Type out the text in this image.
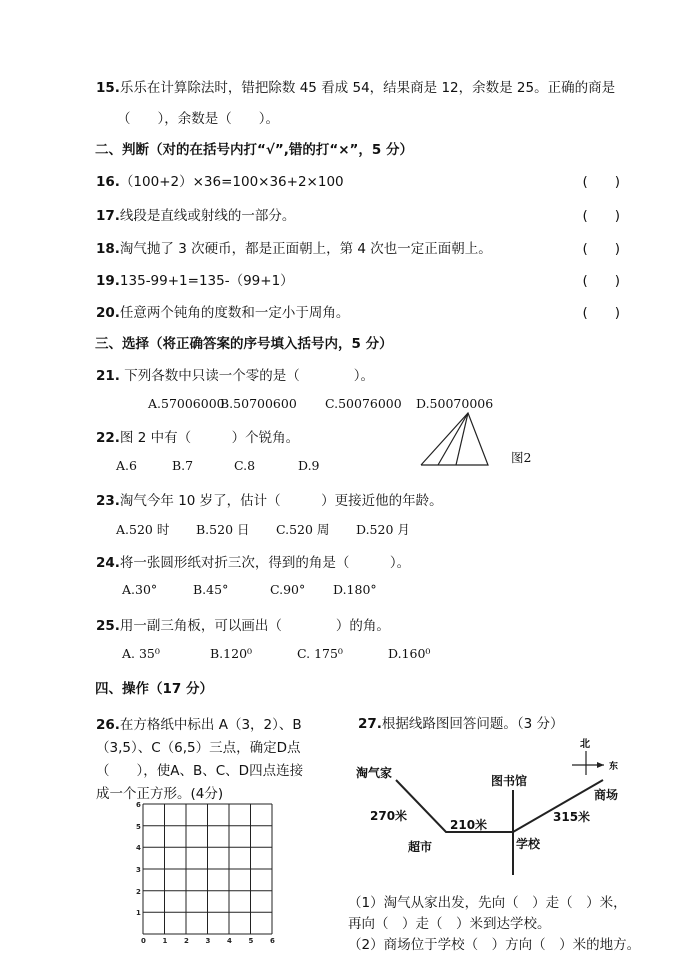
15.乐乐在计算除法时，错把除数 45 看成 54，结果商是 12，余数是 25。正确的商是
（　　），余数是（　　）。
二、判断（对的在括号内打“√”,错的打“×”，5 分）
16.（100+2）×36=100×36+2×100	(　　)
17.线段是直线或射线的一部分。	(　　)
18.淘气抛了 3 次硬币，都是正面朝上，第 4 次也一定正面朝上。	(　　)
19.135-99+1=135-（99+1）	(　　)
20.任意两个钝角的度数和一定小于周角。	(　　)
三、选择（将正确答案的序号填入括号内，5 分）
21. 下列各数中只读一个零的是（　　　　）。
A.57006000
B.50700600 C.50076000 D.50070006
22.图 2 中有（　　　）个锐角。
A.6	B.7	C.8	D.9
图2
23.淘气今年 10 岁了，估计（　　　）更接近他的年龄。
A.520 时 B.520 日 C.520 周 D.520 月
24.将一张圆形纸对折三次，得到的角是（　　　）。
A.30°	B.45°	C.90° D.180°
25.用一副三角板，可以画出（　　　　）的角。
A. 35⁰	B.120⁰	C. 175⁰	D.160⁰
四、操作（17 分）
26.在方格纸中标出 A（3，2）、B
（3,5）、C（6,5）三点，确定D点
（　　），使A、B、C、D四点连接
成一个正方形。(4分)
6
5
4
3
2
1
0 1 2 3 4 5 6
27.根据线路图回答问题。（3 分）
北
东
淘气家
图书馆
商场
超市	学校
270米
210米
315米
（1）淘气从家出发，先向（　）走（　）米，
再向（　）走（　）米到达学校。
（2）商场位于学校（　）方向（　）米的地方。
